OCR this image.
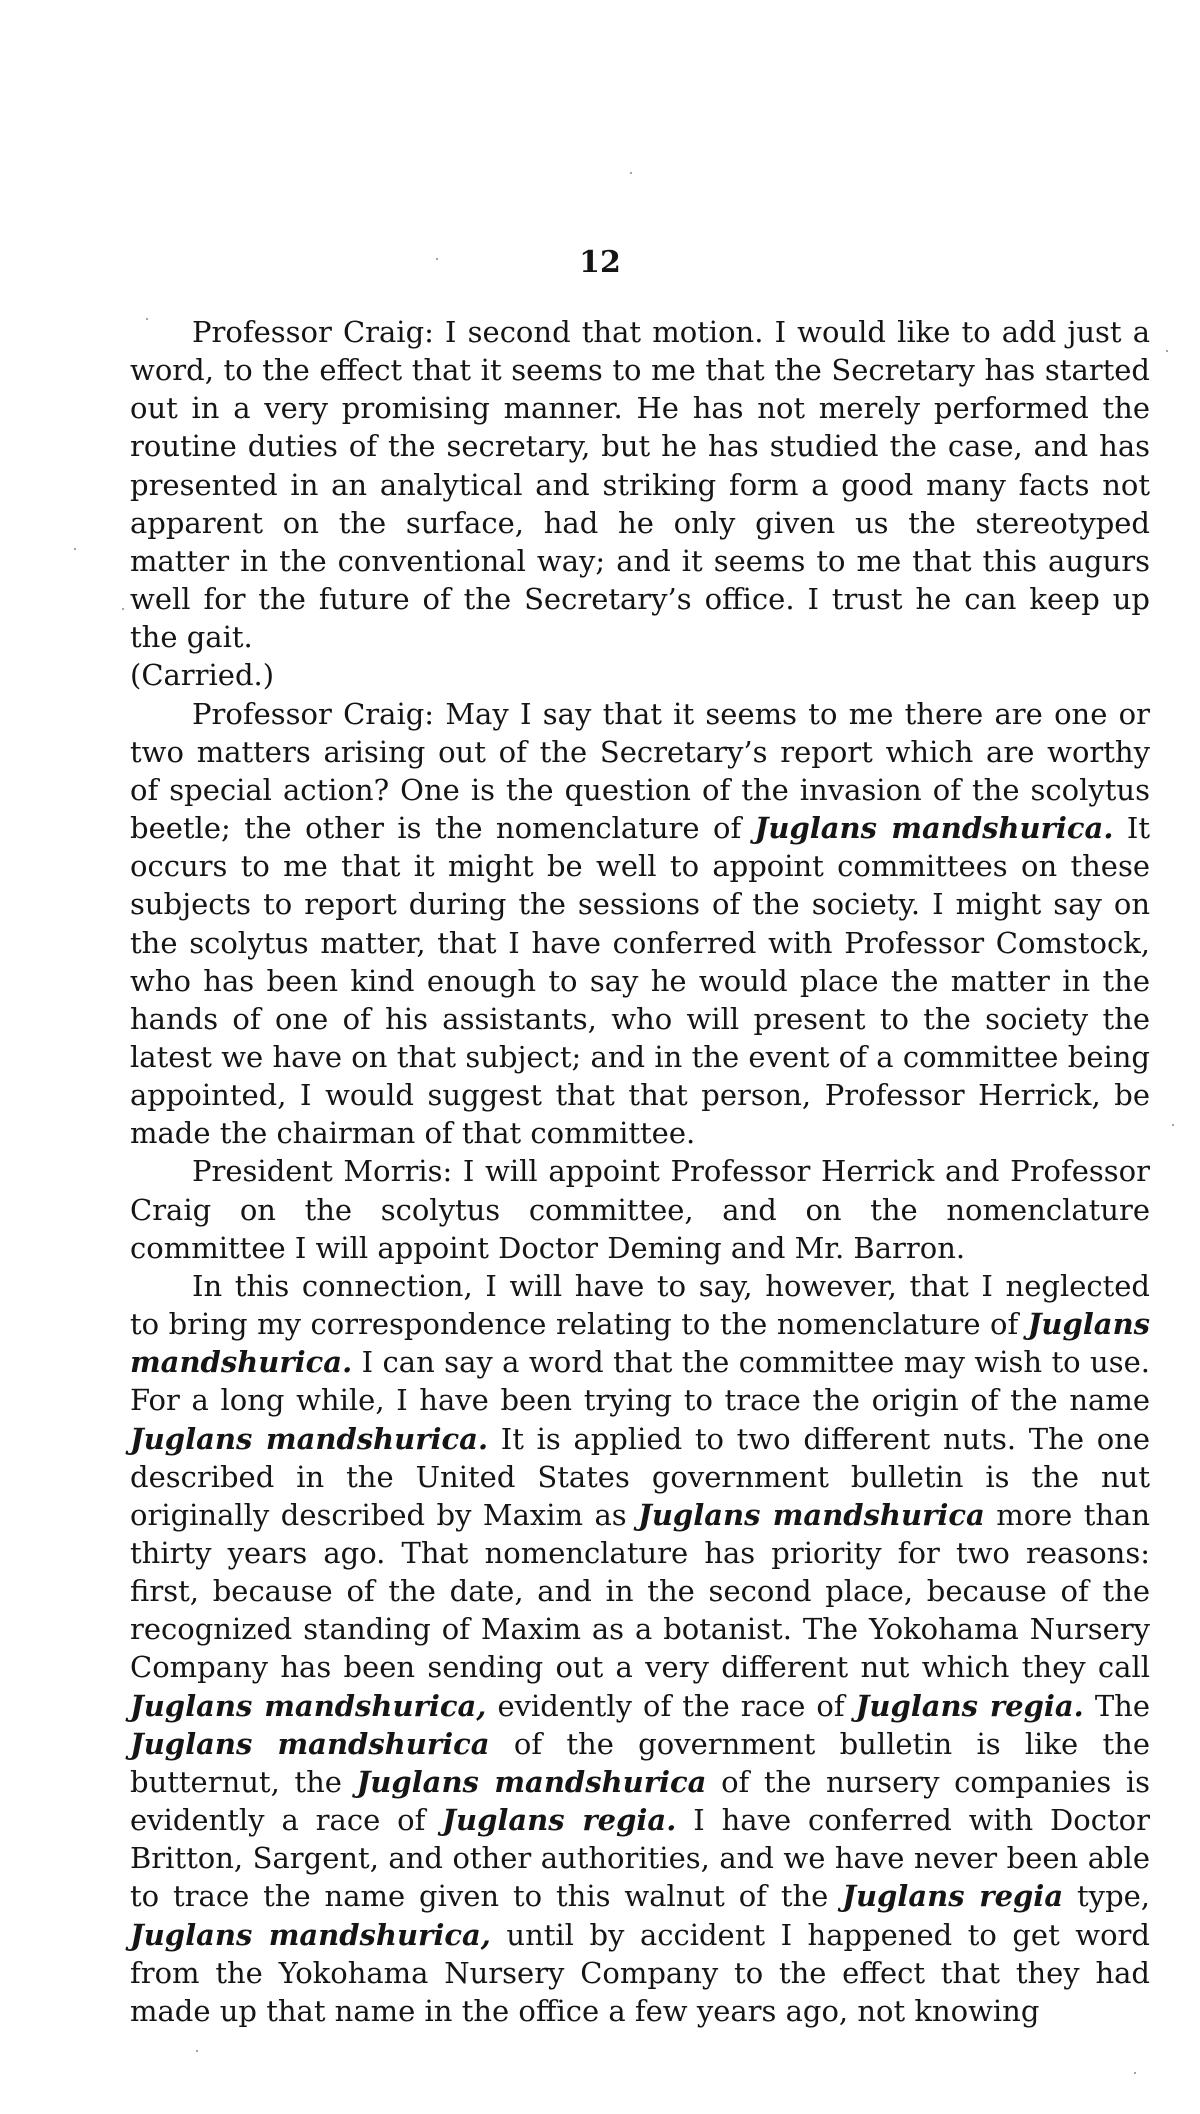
12

Professor Craig: I second that motion. I would like to add just a word, to the effect that it seems to me that the Secretary has started out in a very promising manner. He has not merely performed the routine duties of the secretary, but he has studied the case, and has presented in an analytical and striking form a good many facts not apparent on the surface, had he only given us the stereotyped matter in the conventional way; and it seems to me that this augurs well for the future of the Secretary’s office. I trust he can keep up the gait.

(Carried.)

Professor Craig: May I say that it seems to me there are one or two matters arising out of the Secretary’s report which are worthy of special action? One is the question of the invasion of the scolytus beetle; the other is the nomenclature of Juglans mandshurica. It occurs to me that it might be well to appoint committees on these subjects to report during the sessions of the society. I might say on the scolytus matter, that I have conferred with Professor Comstock, who has been kind enough to say he would place the matter in the hands of one of his assistants, who will present to the society the latest we have on that subject; and in the event of a committee being appointed, I would suggest that that person, Professor Herrick, be made the chairman of that committee.

President Morris: I will appoint Professor Herrick and Professor Craig on the scolytus committee, and on the nomenclature committee I will appoint Doctor Deming and Mr. Barron.

In this connection, I will have to say, however, that I neglected to bring my correspondence relating to the nomenclature of Juglans mandshurica. I can say a word that the committee may wish to use. For a long while, I have been trying to trace the origin of the name Juglans mandshurica. It is applied to two different nuts. The one described in the United States government bulletin is the nut originally described by Maxim as Juglans mandshurica more than thirty years ago. That nomenclature has priority for two reasons: first, because of the date, and in the second place, because of the recognized standing of Maxim as a botanist. The Yokohama Nursery Company has been sending out a very different nut which they call Juglans mandshurica, evidently of the race of Juglans regia. The Juglans mandshurica of the government bulletin is like the butternut, the Juglans mandshurica of the nursery companies is evidently a race of Juglans regia. I have conferred with Doctor Britton, Sargent, and other authorities, and we have never been able to trace the name given to this walnut of the Juglans regia type, Juglans mandshurica, until by accident I happened to get word from the Yokohama Nursery Company to the effect that they had made up that name in the office a few years ago, not knowing
